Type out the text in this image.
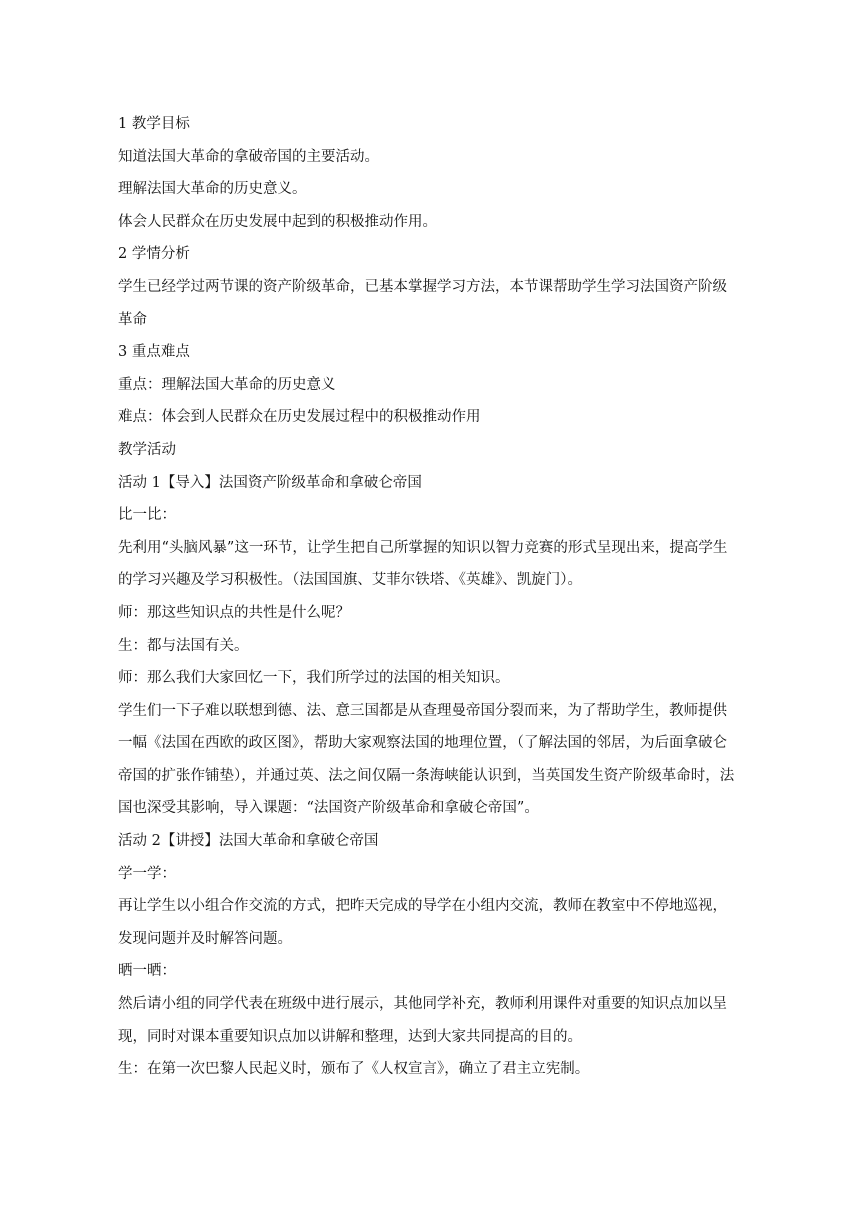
1 教学目标

知道法国大革命的拿破帝国的主要活动。

理解法国大革命的历史意义。

体会人民群众在历史发展中起到的积极推动作用。

2 学情分析

学生已经学过两节课的资产阶级革命，已基本掌握学习方法，本节课帮助学生学习法国资产阶级革命

3 重点难点

重点：理解法国大革命的历史意义

难点：体会到人民群众在历史发展过程中的积极推动作用

教学活动

活动 1【导入】法国资产阶级革命和拿破仑帝国

比一比：

先利用“头脑风暴”这一环节，让学生把自己所掌握的知识以智力竞赛的形式呈现出来，提高学生的学习兴趣及学习积极性。（法国国旗、艾菲尔铁塔、《英雄》、凯旋门）。

师：那这些知识点的共性是什么呢？

生：都与法国有关。

师：那么我们大家回忆一下，我们所学过的法国的相关知识。

学生们一下子难以联想到德、法、意三国都是从查理曼帝国分裂而来，为了帮助学生，教师提供一幅《法国在西欧的政区图》，帮助大家观察法国的地理位置，（了解法国的邻居，为后面拿破仑帝国的扩张作铺垫），并通过英、法之间仅隔一条海峡能认识到，当英国发生资产阶级革命时，法国也深受其影响，导入课题：“法国资产阶级革命和拿破仑帝国”。

活动 2【讲授】法国大革命和拿破仑帝国

学一学：

再让学生以小组合作交流的方式，把昨天完成的导学在小组内交流，教师在教室中不停地巡视，发现问题并及时解答问题。

晒一晒：

然后请小组的同学代表在班级中进行展示，其他同学补充，教师利用课件对重要的知识点加以呈现，同时对课本重要知识点加以讲解和整理，达到大家共同提高的目的。

生：在第一次巴黎人民起义时，颁布了《人权宣言》，确立了君主立宪制。
